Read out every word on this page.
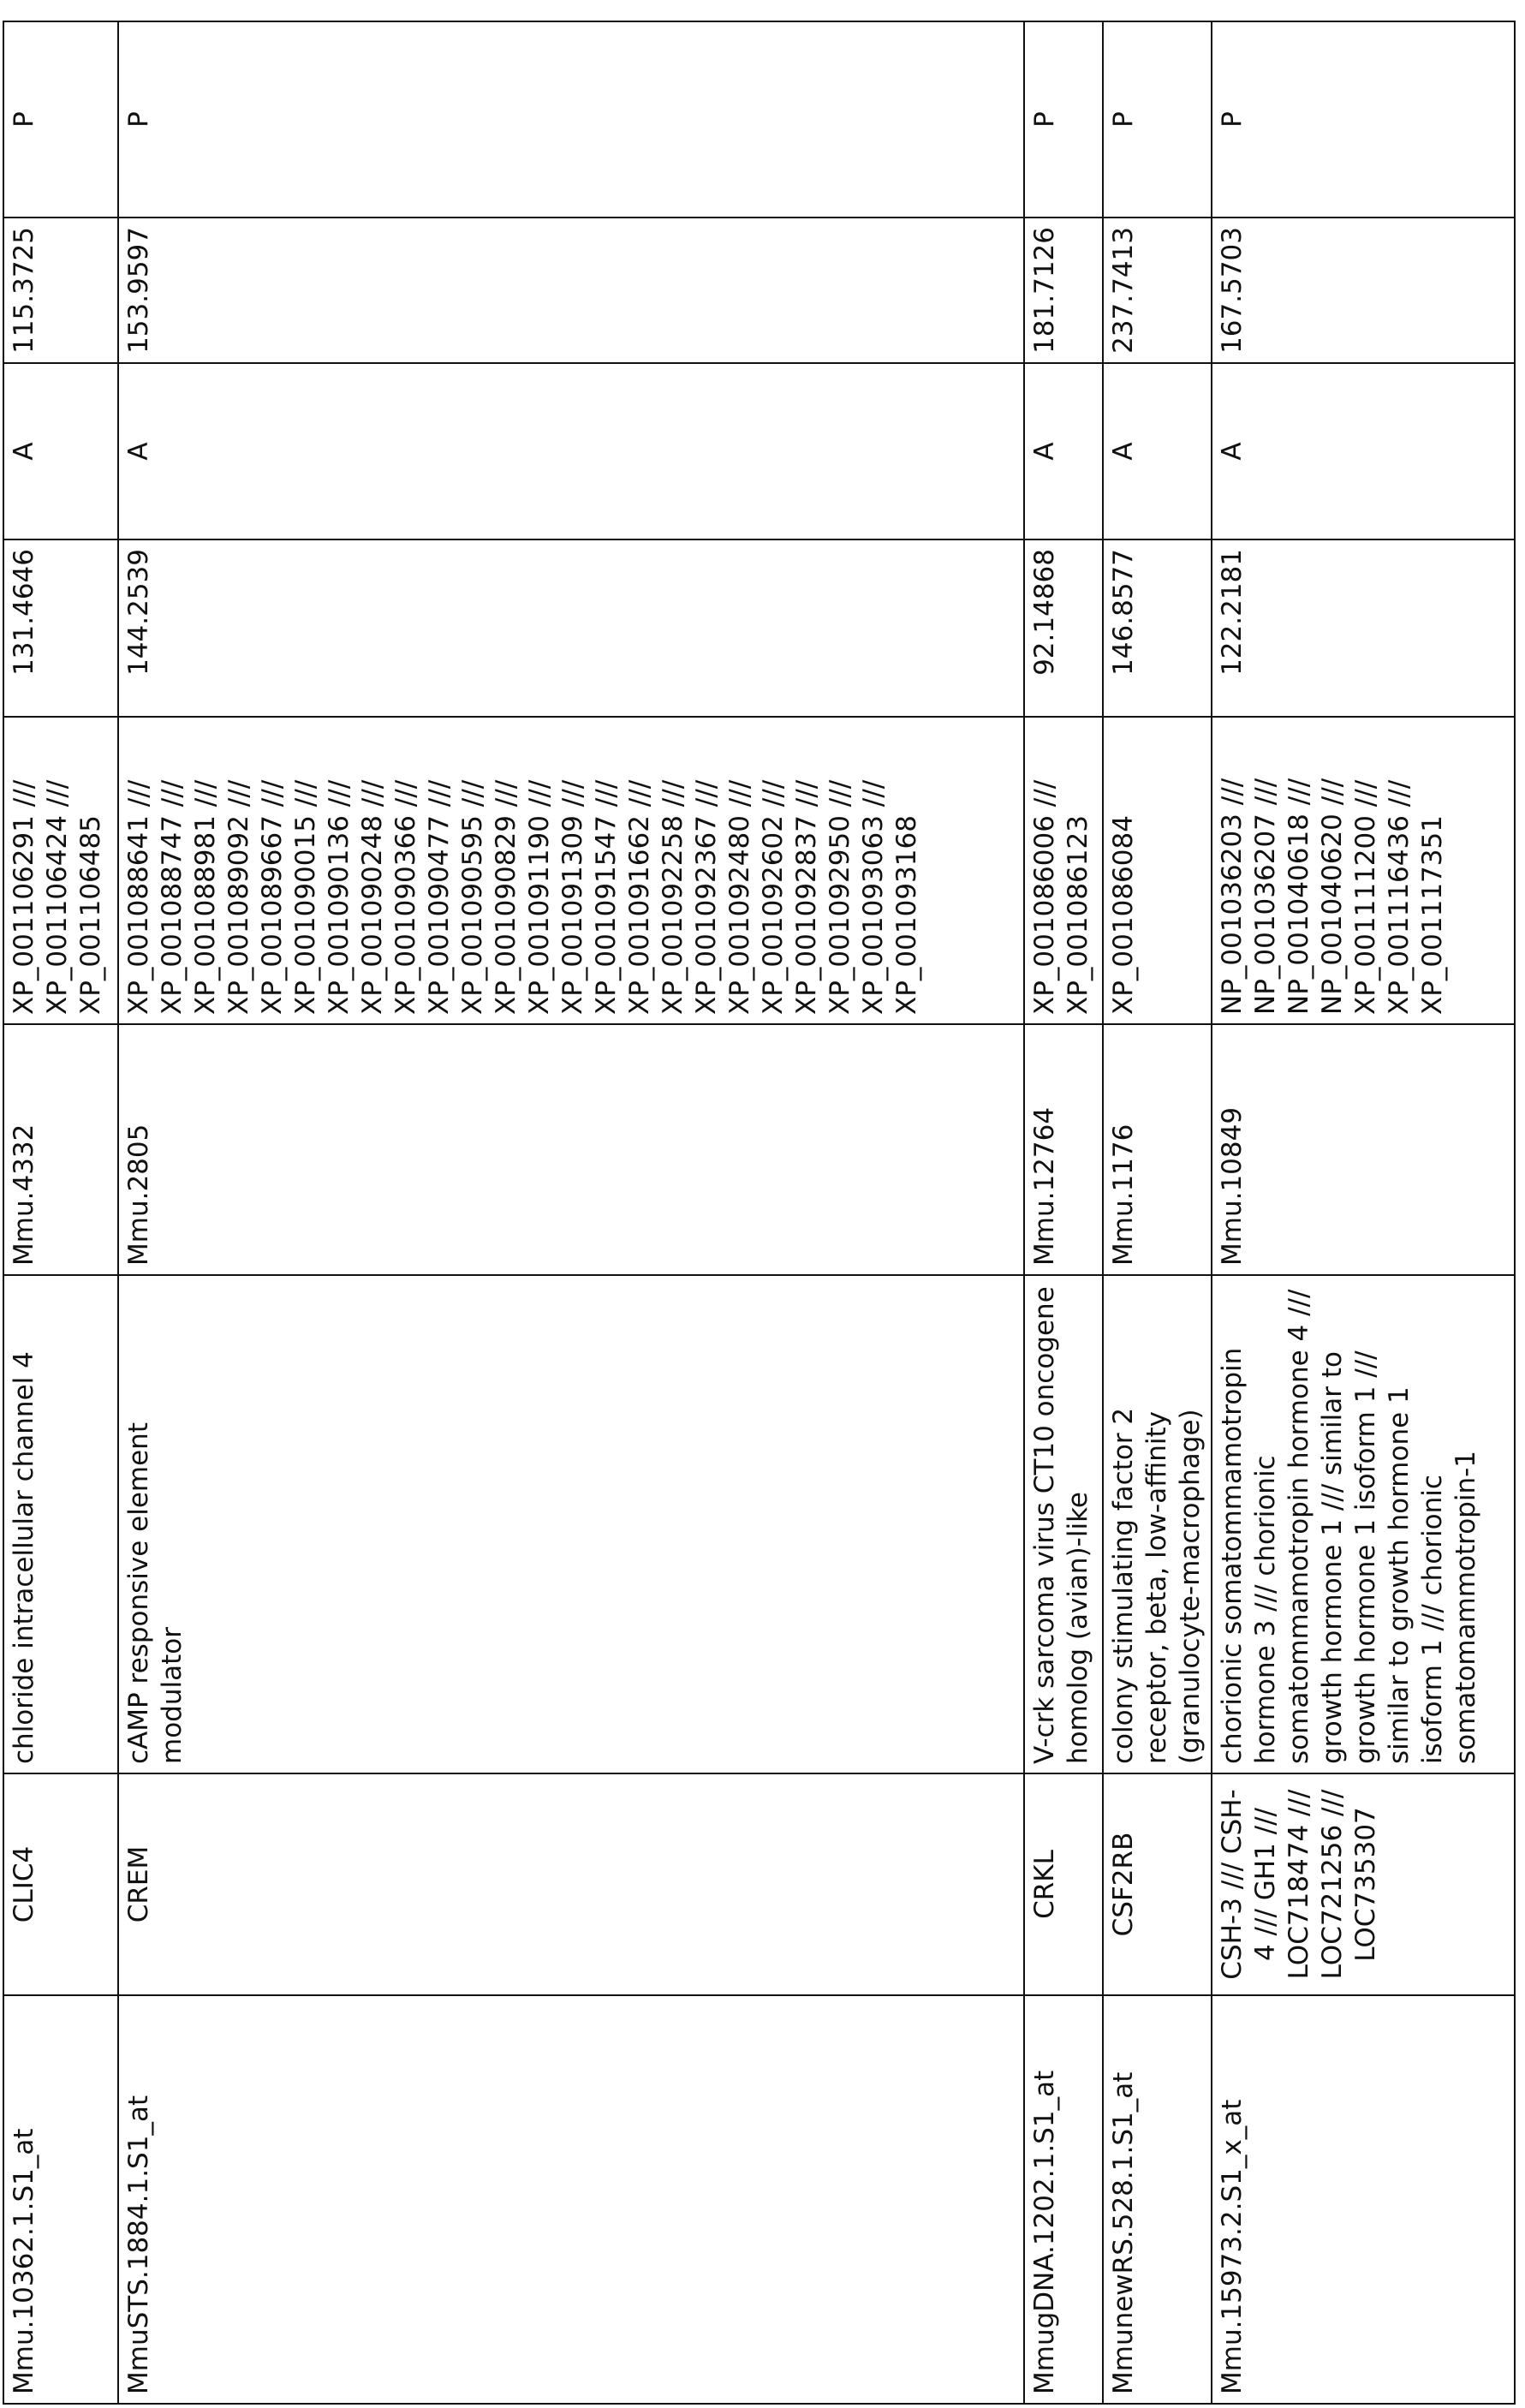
Mmu.10362.1.S1_at	CLIC4	chloride intracellular channel 4	Mmu.4332	
XP_001106291 ///
XP_001106424 ///
XP_001106485
	131.4646	A	115.3725	P
MmuSTS.1884.1.S1_at	CREM	cAMP responsive element modulator	Mmu.2805	
XP_001088641 ///
XP_001088747 ///
XP_001088981 ///
XP_001089092 ///
XP_001089667 ///
XP_001090015 ///
XP_001090136 ///
XP_001090248 ///
XP_001090366 ///
XP_001090477 ///
XP_001090595 ///
XP_001090829 ///
XP_001091190 ///
XP_001091309 ///
XP_001091547 ///
XP_001091662 ///
XP_001092258 ///
XP_001092367 ///
XP_001092480 ///
XP_001092602 ///
XP_001092837 ///
XP_001092950 ///
XP_001093063 ///
XP_001093168
	144.2539	A	153.9597	P
MmugDNA.1202.1.S1_at	CRKL	V-crk sarcoma virus CT10 oncogene homolog (avian)-like	Mmu.12764	
XP_001086006 ///
XP_001086123
	92.14868	A	181.7126	P
MmunewRS.528.1.S1_at	CSF2RB	colony stimulating factor 2 receptor, beta, low-affinity (granulocyte-macrophage)	Mmu.1176	
XP_001086084
	146.8577	A	237.7413	P
Mmu.15973.2.S1_x_at	CSH-3 /// CSH-4 /// GH1 /// LOC718474 /// LOC721256 /// LOC735307	chorionic somatommamotropin hormone 3 /// chorionic somatommamotropin hormone 4 /// growth hormone 1 /// similar to growth hormone 1 isoform 1 /// similar to growth hormone 1 isoform 1 /// chorionic somatomammotropin-1	Mmu.10849	
NP_001036203 ///
NP_001036207 ///
NP_001040618 ///
NP_001040620 ///
XP_001111200 ///
XP_001116436 ///
XP_001117351
	122.2181	A	167.5703	P
